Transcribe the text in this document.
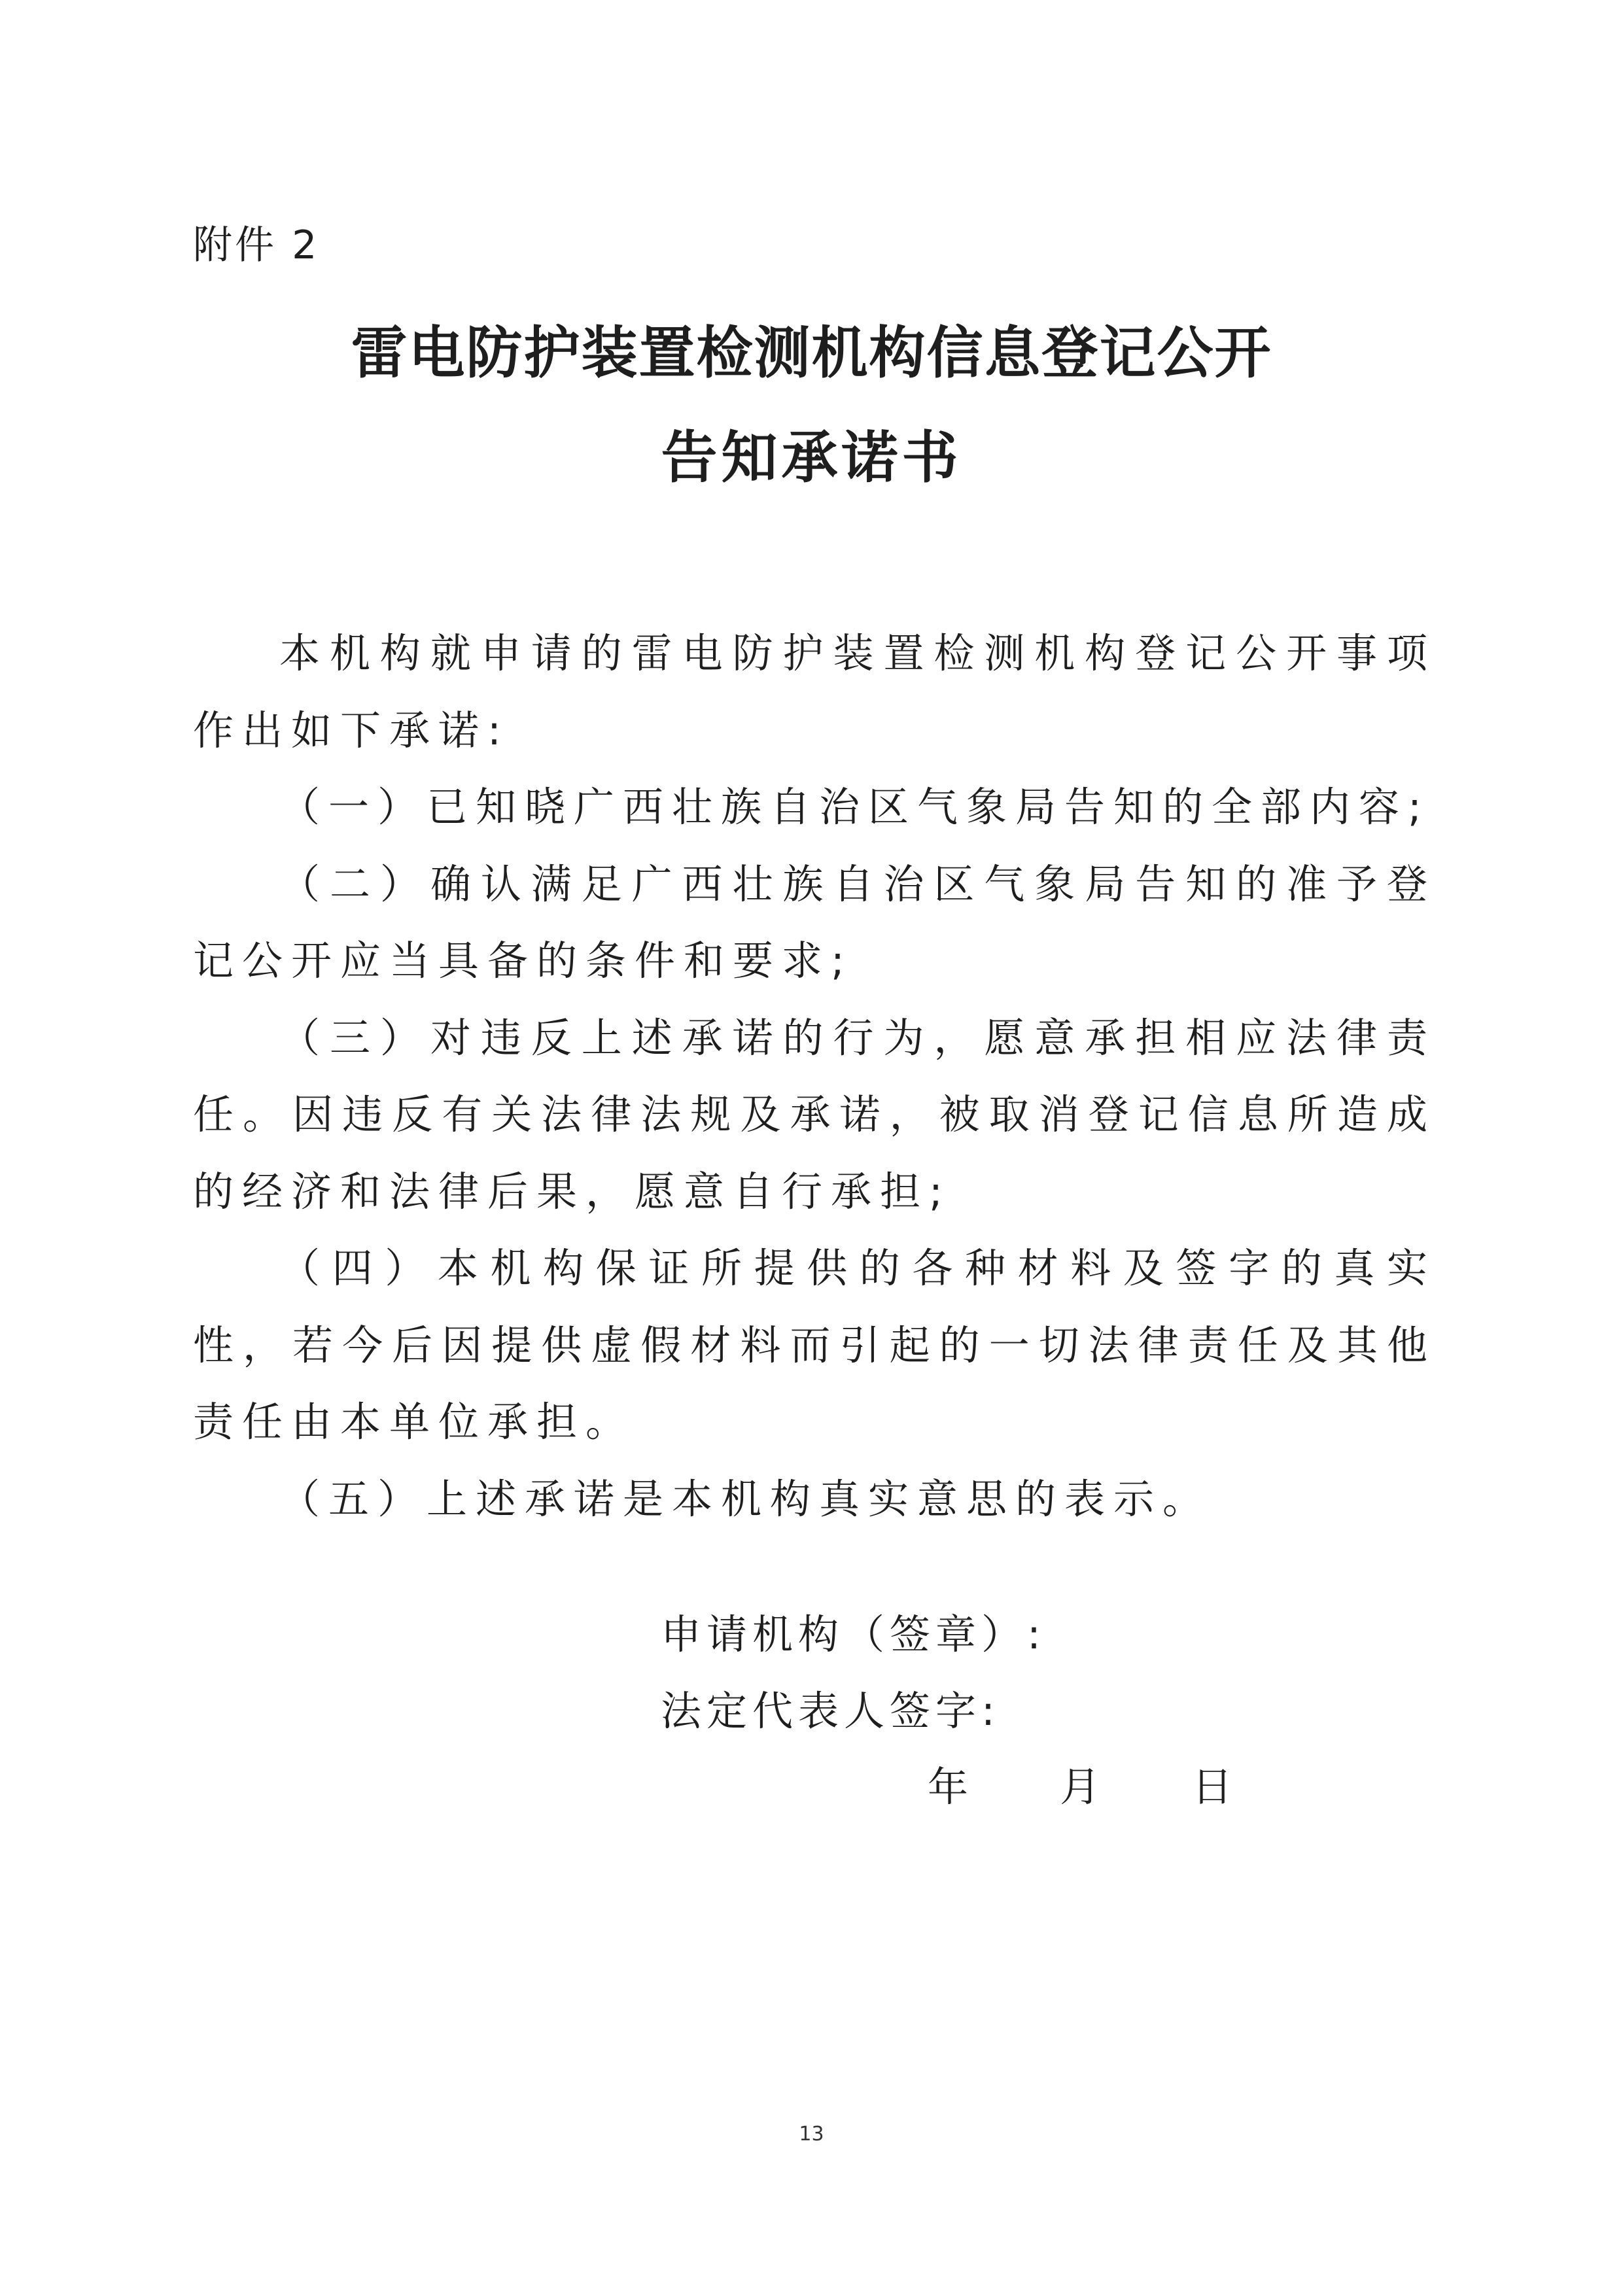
附件 2
雷电防护装置检测机构信息登记公开
告知承诺书

本机构就申请的雷电防护装置检测机构登记公开事项作出如下承诺:

（一）已知晓广西壮族自治区气象局告知的全部内容;

（二）确认满足广西壮族自治区气象局告知的准予登记公开应当具备的条件和要求;

（三）对违反上述承诺的行为，愿意承担相应法律责任。因违反有关法律法规及承诺，被取消登记信息所造成的经济和法律后果，愿意自行承担;

（四）本机构保证所提供的各种材料及签字的真实性，若今后因提供虚假材料而引起的一切法律责任及其他责任由本单位承担。

（五）上述承诺是本机构真实意思的表示。

申请机构（签章）:
法定代表人签字:
年 月 日
13
